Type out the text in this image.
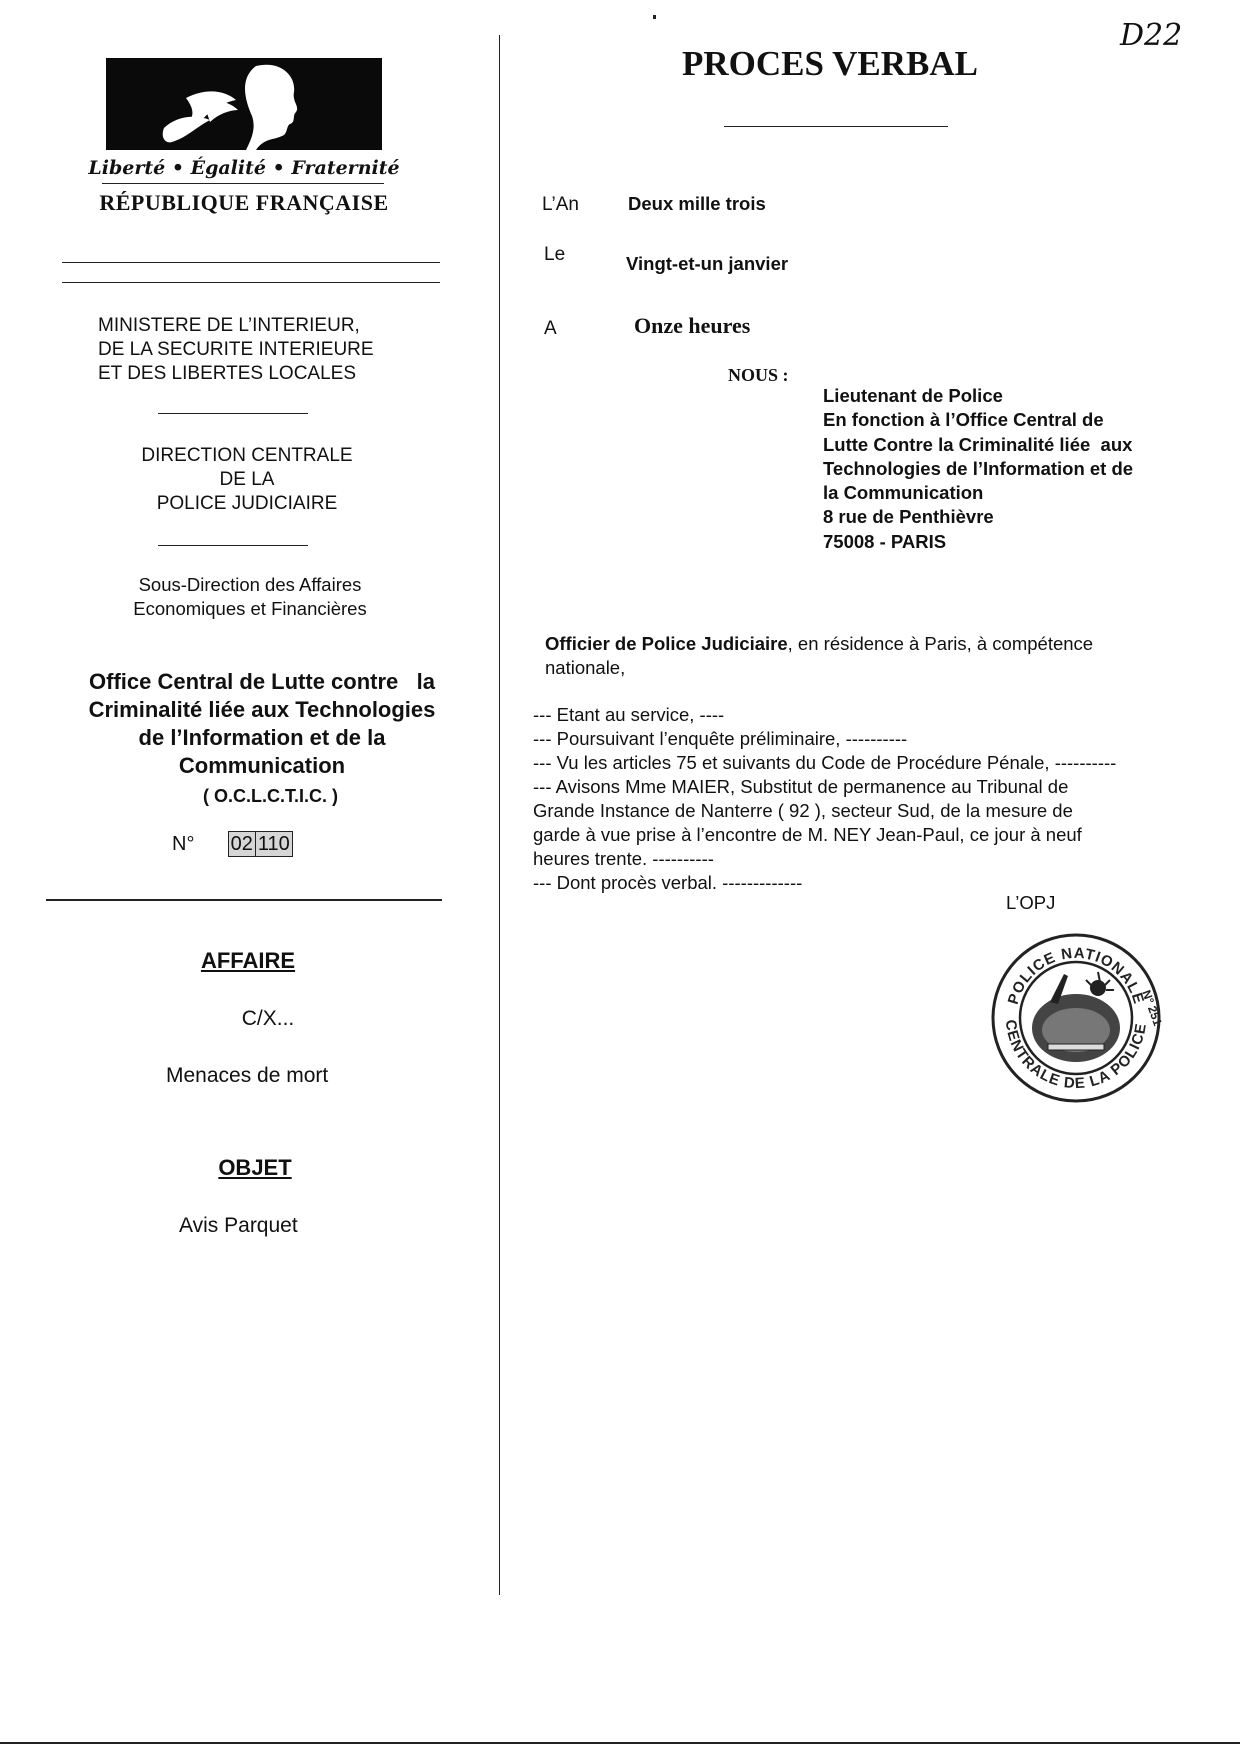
D22
Liberté • Égalité • Fraternité
RÉPUBLIQUE FRANÇAISE
MINISTERE DE L’INTERIEUR,
DE LA SECURITE INTERIEURE
ET DES LIBERTES LOCALES
DIRECTION CENTRALE
DE LA
POLICE JUDICIAIRE
Sous-Direction des Affaires
Economiques et Financières
Office Central de Lutte contre   la
Criminalité liée aux Technologies
de l’Information et de la
Communication
( O.C.L.C.T.I.C. )
N° 02 110
AFFAIRE
C/X...
Menaces de mort
OBJET
Avis Parquet
PROCES VERBAL
L’An	Deux mille trois
Le	Vingt-et-un janvier
A	Onze heures
NOUS :
Lieutenant de Police
En fonction à l’Office Central de
Lutte Contre la Criminalité liée  aux
Technologies de l’Information et de
la Communication
8 rue de Penthièvre
75008 - PARIS
Officier de Police Judiciaire, en résidence à Paris, à compétence
nationale,
--- Etant au service, ----
--- Poursuivant l’enquête préliminaire, ----------
--- Vu les articles 75 et suivants du Code de Procédure Pénale, ----------
--- Avisons Mme MAIER, Substitut de permanence au Tribunal de
Grande Instance de Nanterre ( 92 ), secteur Sud, de la mesure de
garde à vue prise à l’encontre de M. NEY Jean-Paul, ce jour à neuf
heures trente. ----------
--- Dont procès verbal. -------------
L’OPJ
POLICE NATIONALE
CENTRALE DE LA POLICE
N° 251
